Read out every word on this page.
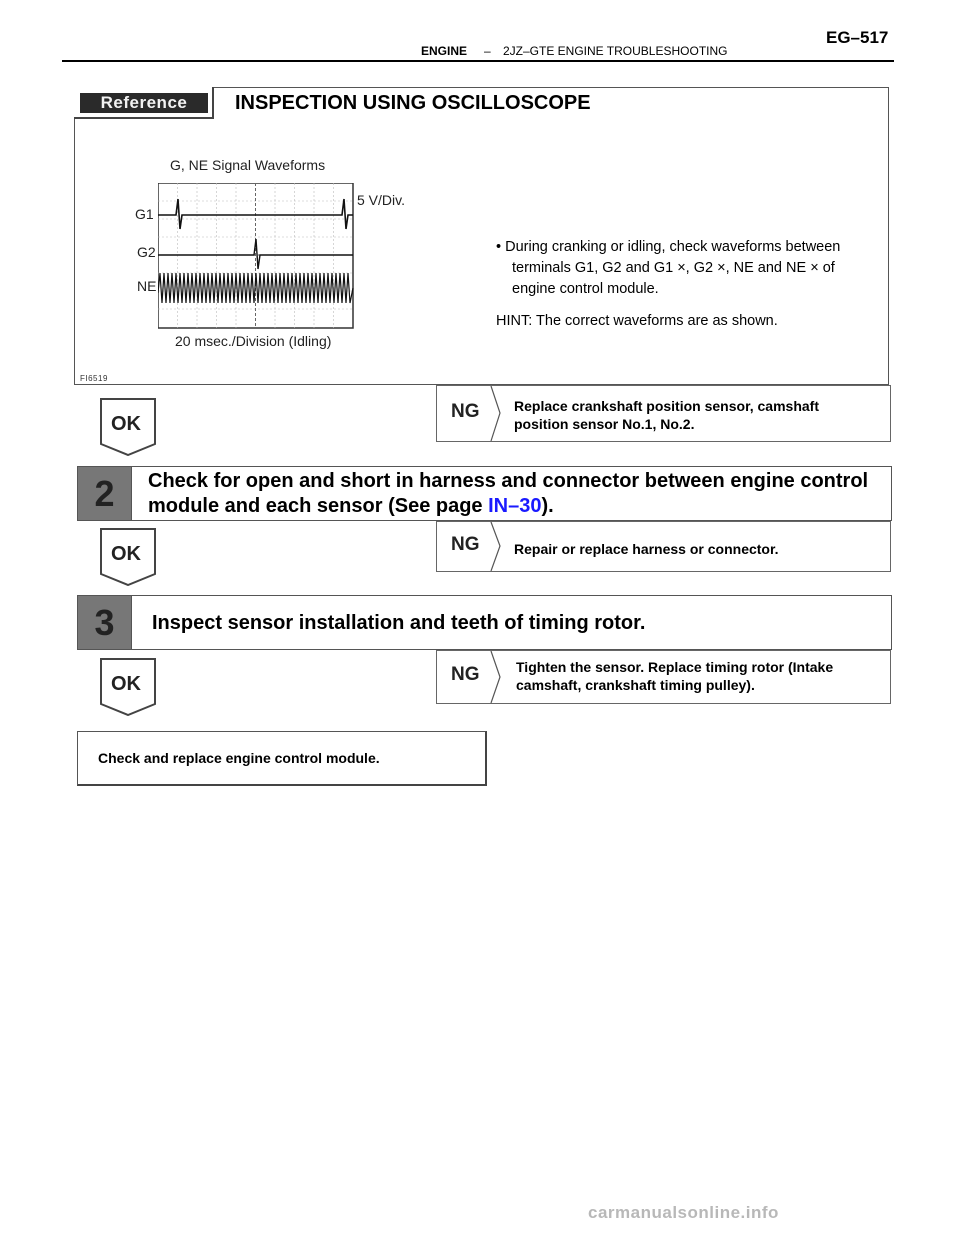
ENGINE – 2JZ–GTE ENGINE TROUBLESHOOTING
EG–517
Reference	INSPECTION USING OSCILLOSCOPE
G, NE Signal Waveforms
5 V/Div.
G1
G2
NE
20 msec./Division (Idling)
• During cranking or idling, check waveforms between
terminals G1, G2 and G1 ×, G2 ×, NE and NE × of
engine control module.
HINT: The correct waveforms are as shown.
FI6519
OK
NG Replace crankshaft position sensor, camshaft
position sensor No.1, No.2.
2 Check for open and short in harness and connector between engine control
module and each sensor (See page IN–30).
OK	NG Repair or replace harness or connector.
3 Inspect sensor installation and teeth of timing rotor.
OK	NG	Tighten the sensor. Replace timing rotor (Intake
camshaft, crankshaft timing pulley).
Check and replace engine control module.
carmanualsonline.info
